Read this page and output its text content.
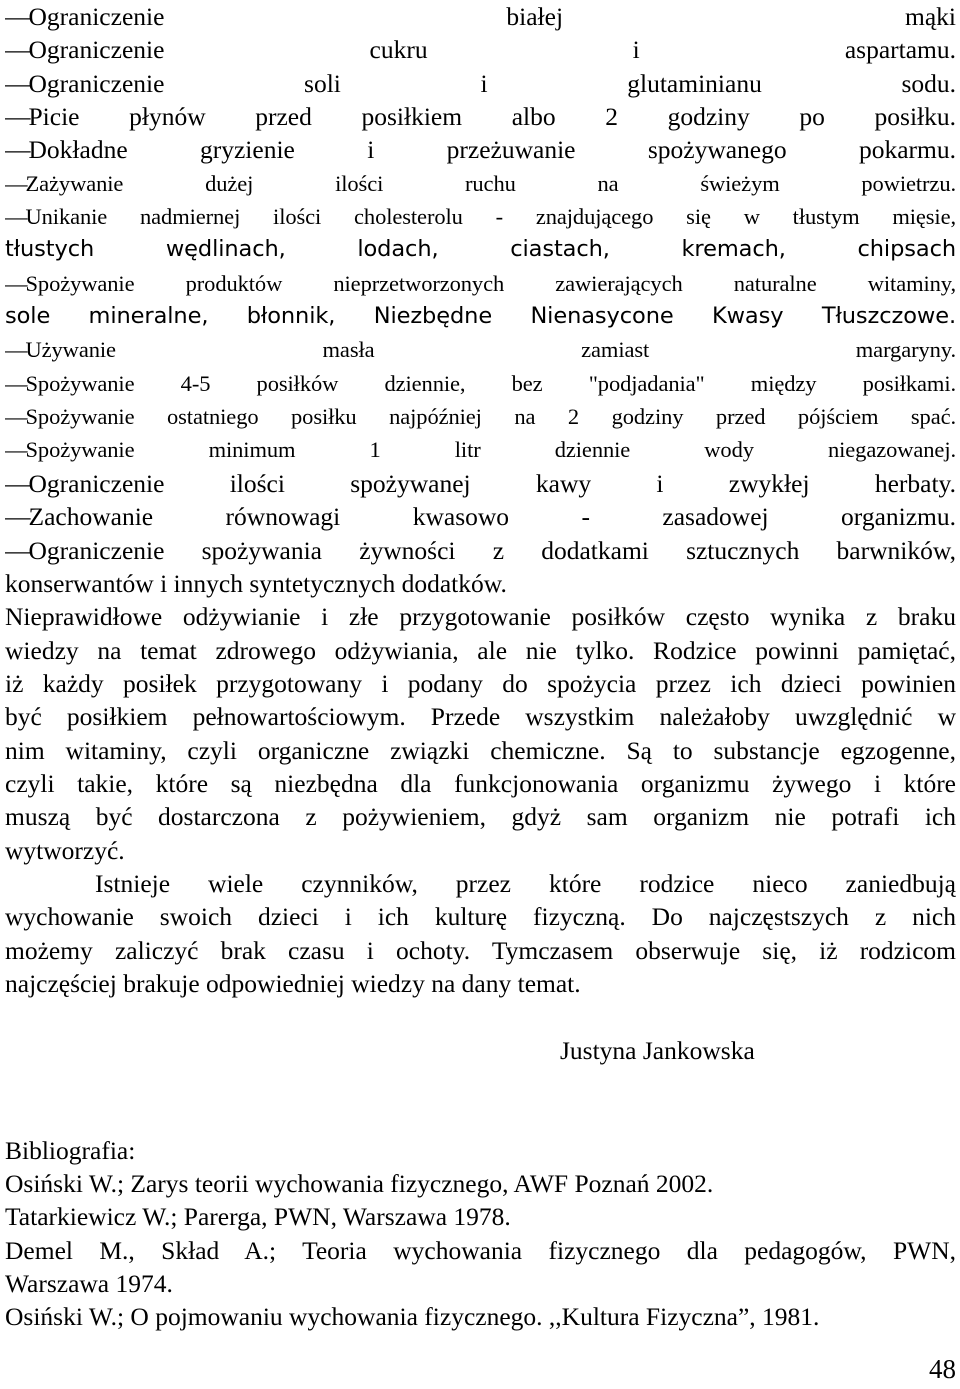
— Ograniczenie białej mąki
— Ograniczenie cukru i aspartamu.
— Ograniczenie soli i glutaminianu sodu.
— Picie płynów przed posiłkiem albo 2 godziny po posiłku.
— Dokładne gryzienie i przeżuwanie spożywanego pokarmu.
— Zażywanie dużej ilości ruchu na świeżym powietrzu.
— Unikanie nadmiernej ilości cholesterolu - znajdującego się w tłustym mięsie,
tłustych wędlinach, lodach, ciastach, kremach, chipsach
— Spożywanie produktów nieprzetworzonych zawierających naturalne witaminy,
sole mineralne, błonnik, Niezbędne Nienasycone Kwasy Tłuszczowe.
— Używanie masła zamiast margaryny.
— Spożywanie 4-5 posiłków dziennie, bez "podjadania" między posiłkami.
— Spożywanie ostatniego posiłku najpóźniej na 2 godziny przed pójściem spać.
— Spożywanie minimum 1 litr dziennie wody niegazowanej.
— Ograniczenie ilości spożywanej kawy i zwykłej herbaty.
— Zachowanie równowagi kwasowo - zasadowej organizmu.
— Ograniczenie spożywania żywności z dodatkami sztucznych barwników,
konserwantów i innych syntetycznych dodatków.
Nieprawidłowe odżywianie i złe przygotowanie posiłków często wynika z braku
wiedzy na temat zdrowego odżywiania, ale nie tylko. Rodzice powinni pamiętać,
iż każdy posiłek przygotowany i podany do spożycia przez ich dzieci powinien
być posiłkiem pełnowartościowym. Przede wszystkim należałoby uwzględnić w
nim witaminy, czyli organiczne związki chemiczne. Są to substancje egzogenne,
czyli takie, które są niezbędna dla funkcjonowania organizmu żywego i które
muszą być dostarczona z pożywieniem, gdyż sam organizm nie potrafi ich
wytworzyć.
Istnieje wiele czynników, przez które rodzice nieco zaniedbują
wychowanie swoich dzieci i ich kulturę fizyczną. Do najczęstszych z nich
możemy zaliczyć brak czasu i ochoty. Tymczasem obserwuje się, iż rodzicom
najczęściej brakuje odpowiedniej wiedzy na dany temat.
Justyna Jankowska
Bibliografia:
Osiński W.; Zarys teorii wychowania fizycznego, AWF Poznań 2002.
Tatarkiewicz W.; Parerga, PWN, Warszawa 1978.
Demel M., Skład A.; Teoria wychowania fizycznego dla pedagogów, PWN,
Warszawa 1974.
Osiński W.; O pojmowaniu wychowania fizycznego. ,,Kultura Fizyczna”, 1981.
48
